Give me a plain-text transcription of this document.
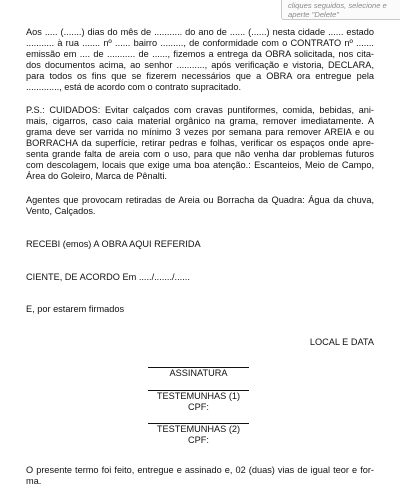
cliques seguidos, selecione e
aperte "Delete"
Aos ..... (.......) dias do mês de ........... do ano de ...... (......) nesta cidade ...... estado
........... à rua ....... nº ...... bairro ........., de conformidade com o CONTRATO nº .......
emissão em .... de ........... de ......, fizemos a entrega da OBRA solicitada, nos cita-
dos documentos acima, ao senhor ..........., após verificação e vistoria, DECLARA,
para todos os fins que se fizerem necessários que a OBRA ora entregue pela
............., está de acordo com o contrato supracitado.
P.S.: CUIDADOS: Evitar calçados com cravas puntiformes, comida, bebidas, ani-
mais, cigarros, caso caia material orgânico na grama, remover imediatamente. A
grama deve ser varrida no mínimo 3 vezes por semana para remover AREIA e ou
BORRACHA da superfície, retirar pedras e folhas, verificar os espaços onde apre-
senta grande falta de areia com o uso, para que não venha dar problemas futuros
com descolagem, locais que exige uma boa atenção.: Escanteios, Meio de Campo,
Área do Goleiro, Marca de Pênalti.
Agentes que provocam retiradas de Areia ou Borracha da Quadra: Água da chuva,
Vento, Calçados.
RECEBI (emos) A OBRA AQUI REFERIDA
CIENTE, DE ACORDO Em ...../......./......
E, por estarem firmados
LOCAL E DATA
ASSINATURA
TESTEMUNHAS (1)
CPF:
TESTEMUNHAS (2)
CPF:
O presente termo foi feito, entregue e assinado e, 02 (duas) vias de igual teor e for-
ma.
